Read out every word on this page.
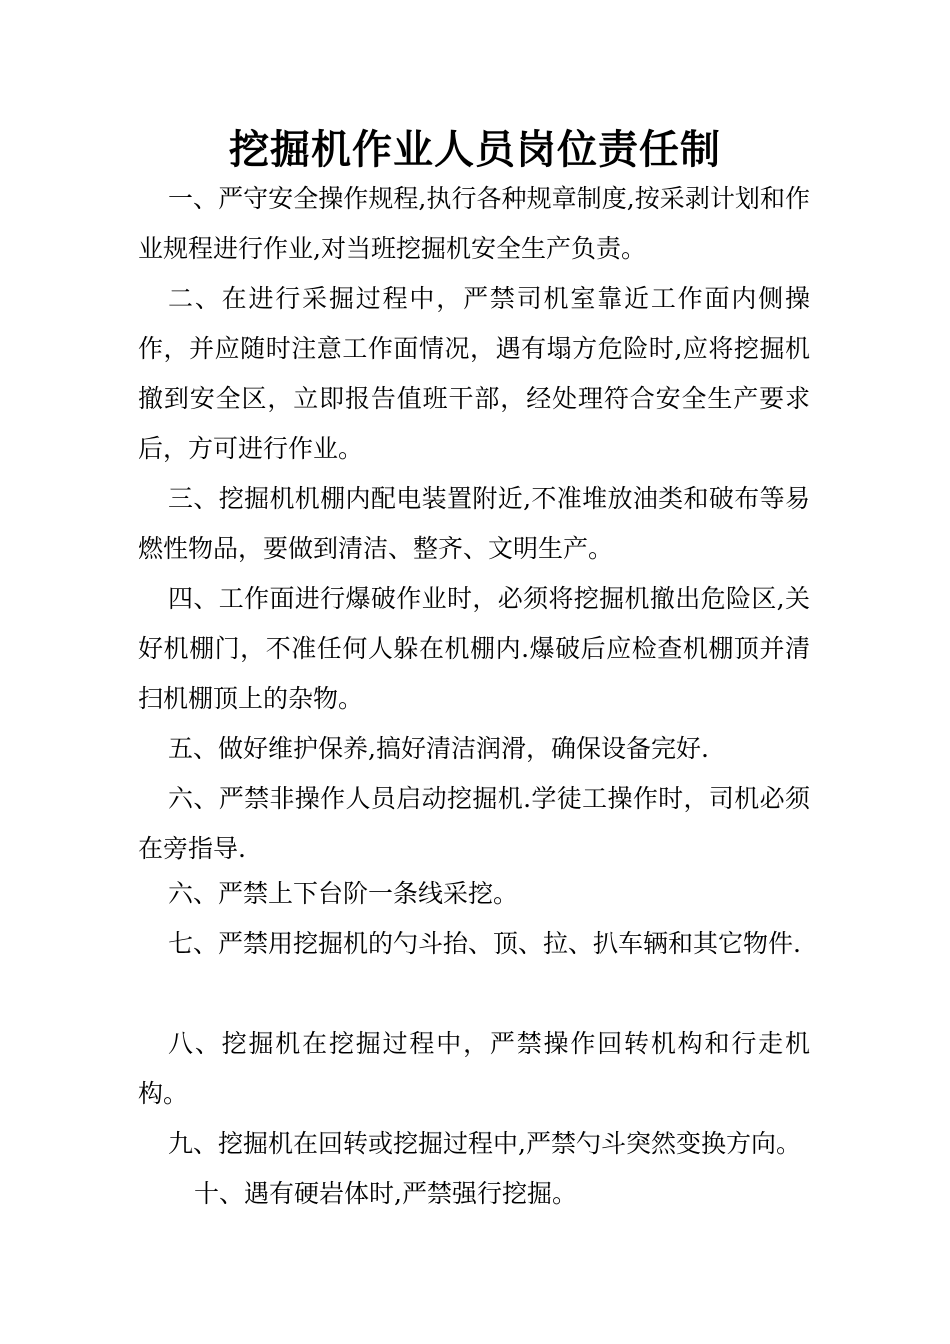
挖掘机作业人员岗位责任制

一、严守安全操作规程,执行各种规章制度,按采剥计划和作业规程进行作业,对当班挖掘机安全生产负责。

二、在进行采掘过程中，严禁司机室靠近工作面内侧操作，并应随时注意工作面情况，遇有塌方危险时,应将挖掘机撤到安全区，立即报告值班干部，经处理符合安全生产要求后，方可进行作业。

三、挖掘机机棚内配电装置附近,不准堆放油类和破布等易燃性物品，要做到清洁、整齐、文明生产。

四、工作面进行爆破作业时，必须将挖掘机撤出危险区,关好机棚门，不准任何人躲在机棚内.爆破后应检查机棚顶并清扫机棚顶上的杂物。

五、做好维护保养,搞好清洁润滑，确保设备完好.

六、严禁非操作人员启动挖掘机.学徒工操作时，司机必须在旁指导.

六、严禁上下台阶一条线采挖。

七、严禁用挖掘机的勺斗抬、顶、拉、扒车辆和其它物件.

八、挖掘机在挖掘过程中，严禁操作回转机构和行走机构。

九、挖掘机在回转或挖掘过程中,严禁勺斗突然变换方向。

十、遇有硬岩体时,严禁强行挖掘。
